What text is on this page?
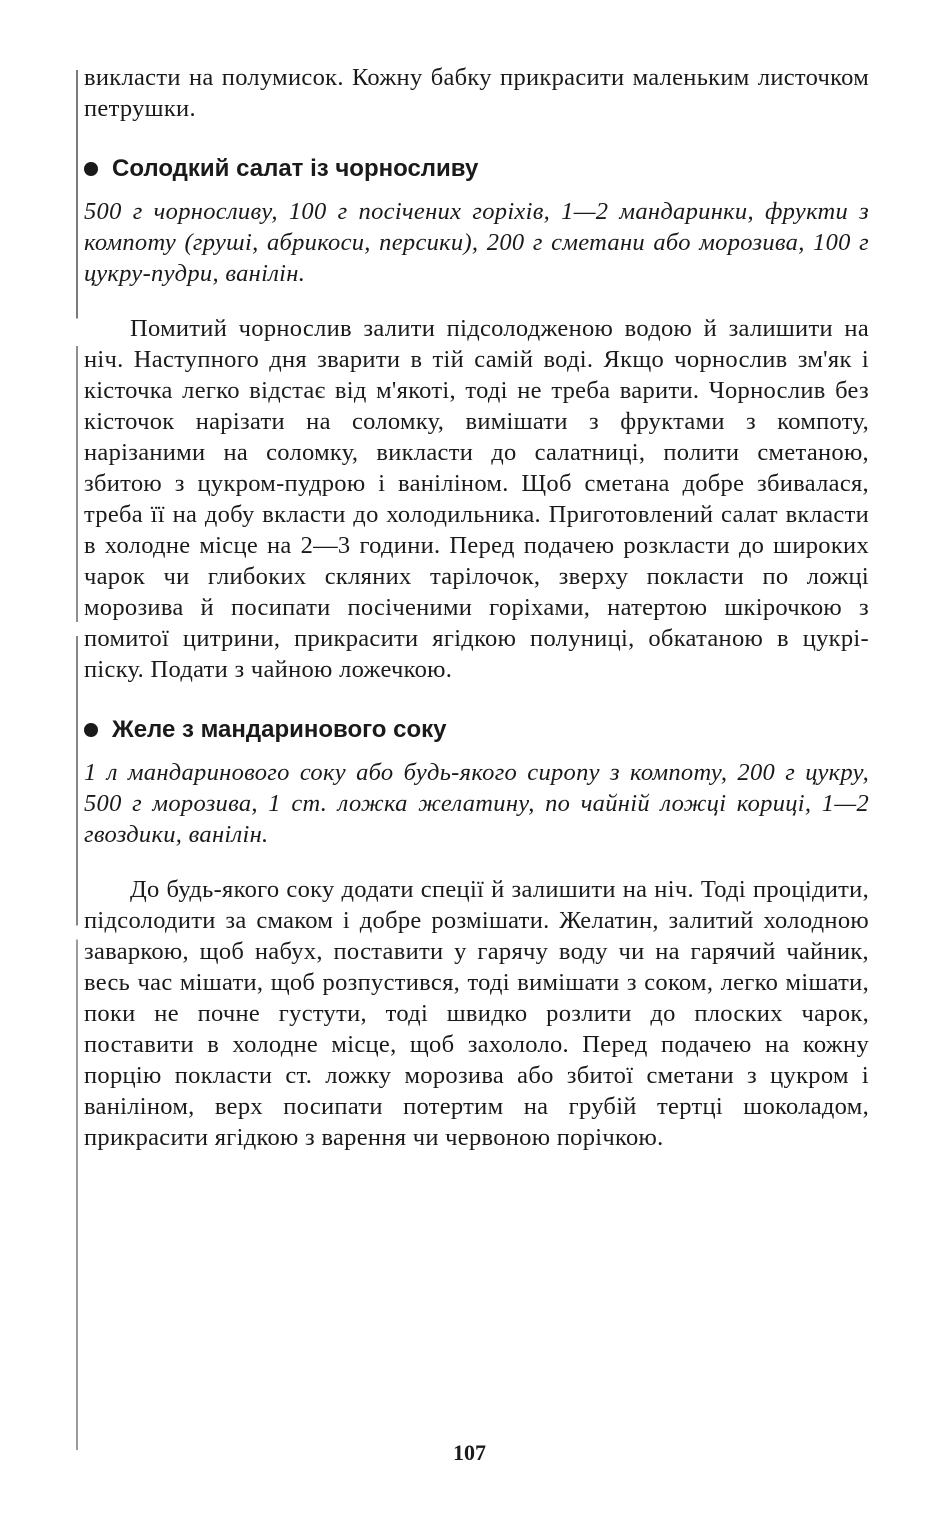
викласти на полумисок. Кожну бабку прикрасити маленьким листочком петрушки.

Солодкий салат із чорносливу

500 г чорносливу, 100 г посічених горіхів, 1—2 мандаринки, фрукти з компоту (груші, абрикоси, персики), 200 г сметани або морозива, 100 г цукру-пудри, ванілін.

Помитий чорнослив залити підсолодженою водою й залишити на ніч. Наступного дня зварити в тій самій воді. Якщо чорнослив зм'як і кісточка легко відстає від м'якоті, тоді не треба варити. Чорнослив без кісточок нарізати на соломку, вимішати з фруктами з компоту, нарізаними на соломку, викласти до салатниці, полити сметаною, збитою з цукром-пудрою і ваніліном. Щоб сметана добре збивалася, треба її на добу вкласти до холодильника. Приготовлений салат вкласти в холодне місце на 2—3 години. Перед подачею розкласти до широких чарок чи глибоких скляних тарілочок, зверху покласти по ложці морозива й посипати посіченими горіхами, натертою шкірочкою з помитої цитрини, прикрасити ягідкою полуниці, обкатаною в цукрі-піску. Подати з чайною ложечкою.

Желе з мандаринового соку

1 л мандаринового соку або будь-якого сиропу з компоту, 200 г цукру, 500 г морозива, 1 ст. ложка желатину, по чайній ложці кориці, 1—2 гвоздики, ванілін.

До будь-якого соку додати спеції й залишити на ніч. Тоді процідити, підсолодити за смаком і добре розмішати. Желатин, залитий холодною заваркою, щоб набух, поставити у гарячу воду чи на гарячий чайник, весь час мішати, щоб розпустився, тоді вимішати з соком, легко мішати, поки не почне густути, тоді швидко розлити до плоских чарок, поставити в холодне місце, щоб захололо. Перед подачею на кожну порцію покласти ст. ложку морозива або збитої сметани з цукром і ваніліном, верх посипати потертим на грубій тертці шоколадом, прикрасити ягідкою з варення чи червоною порічкою.

107
